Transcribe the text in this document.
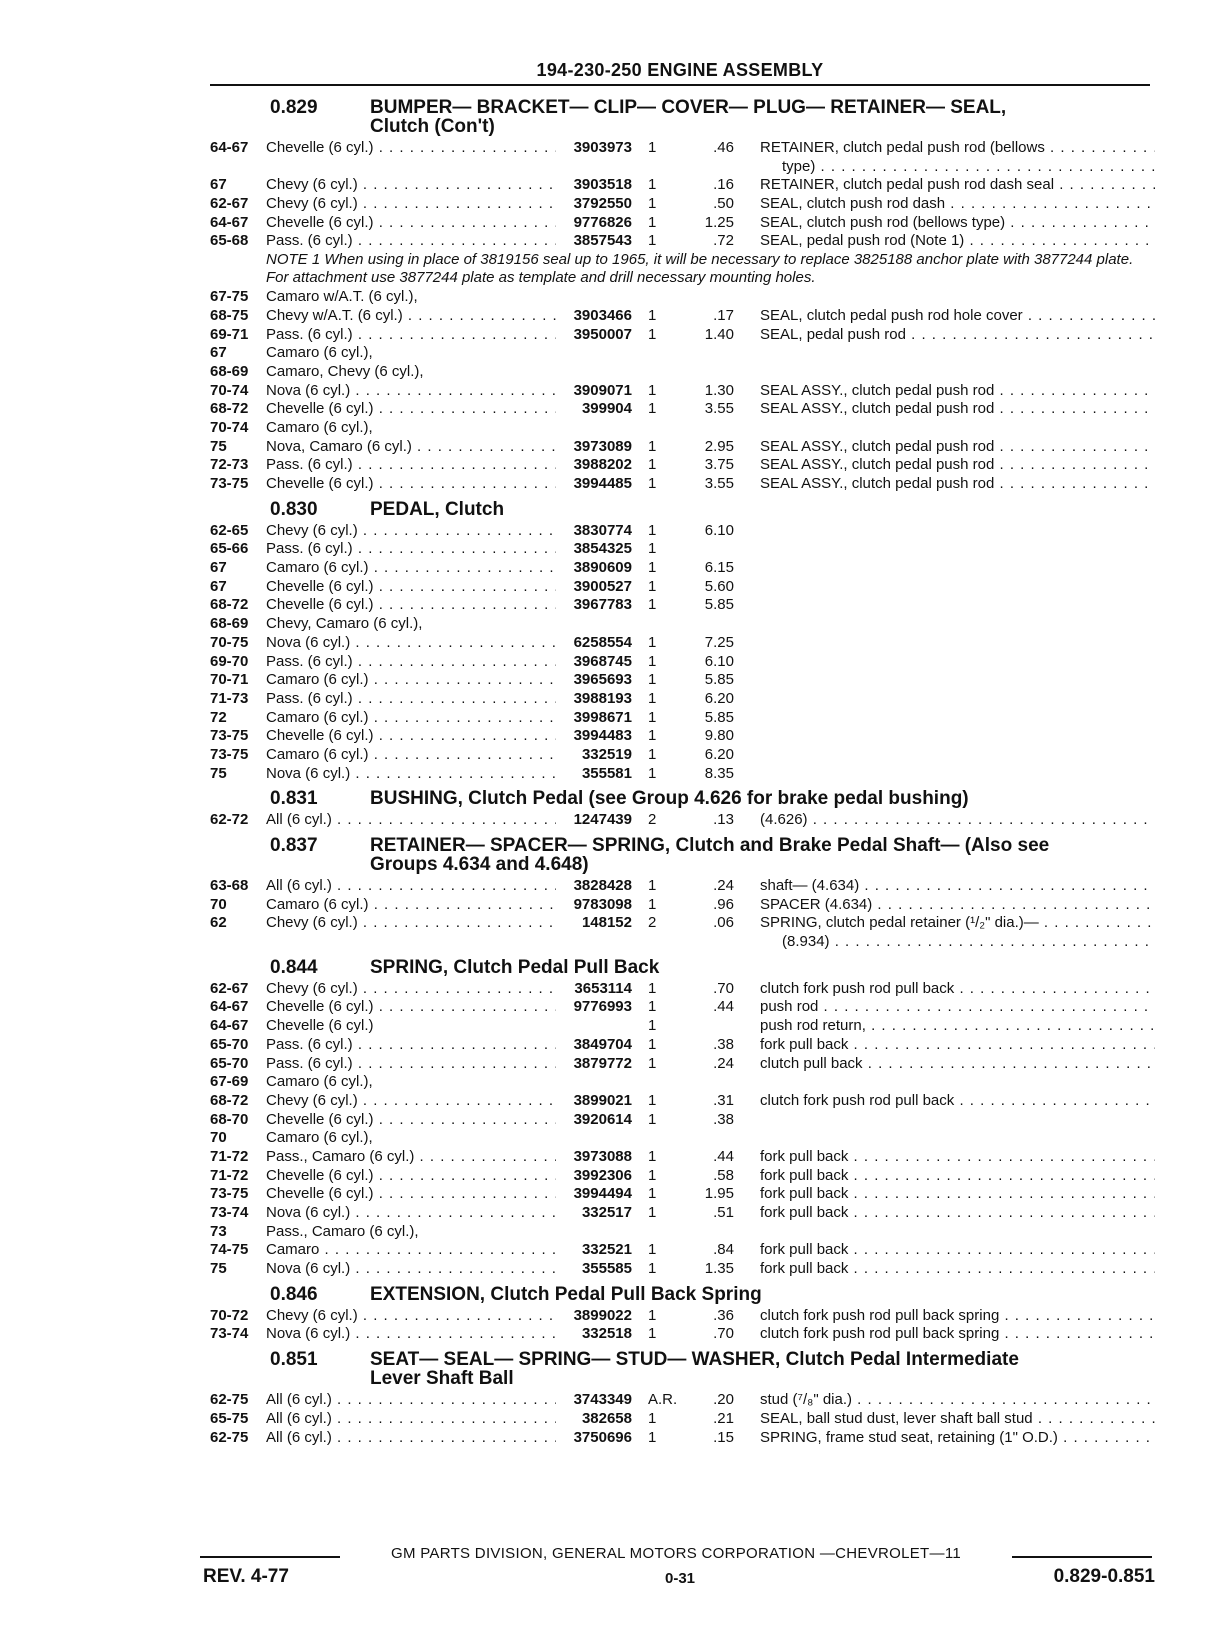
194-230-250 ENGINE ASSEMBLY
0.829	BUMPER— BRACKET— CLIP— COVER— PLUG— RETAINER— SEAL,
Clutch (Con't)
64-67	Chevelle (6 cyl.) . . .	3903973	1	.46	RETAINER, clutch pedal push rod (bellows . . .
type) . . .
67	Chevy (6 cyl.) . . .	3903518	1	.16	RETAINER, clutch pedal push rod dash seal . . .
62-67	Chevy (6 cyl.) . . .	3792550	1	.50	SEAL, clutch push rod dash . . .
64-67	Chevelle (6 cyl.) . . .	9776826	1	1.25	SEAL, clutch push rod (bellows type) . . .
65-68	Pass. (6 cyl.) . . .	3857543	1	.72	SEAL, pedal push rod (Note 1) . . .
NOTE 1 When using in place of 3819156 seal up to 1965, it will be necessary to replace 3825188 anchor plate with 3877244 plate. For attachment use 3877244 plate as template and drill necessary mounting holes.
67-75	Camaro w/A.T. (6 cyl.),
68-75	Chevy w/A.T. (6 cyl.) . . .	3903466	1	.17	SEAL, clutch pedal push rod hole cover . . .
69-71	Pass. (6 cyl.) . . .	3950007	1	1.40	SEAL, pedal push rod . . .
67	Camaro (6 cyl.),
68-69	Camaro, Chevy (6 cyl.),
70-74	Nova (6 cyl.) . . .	3909071	1	1.30	SEAL ASSY., clutch pedal push rod . . .
68-72	Chevelle (6 cyl.) . . .	399904	1	3.55	SEAL ASSY., clutch pedal push rod . . .
70-74	Camaro (6 cyl.),
75	Nova, Camaro (6 cyl.) . . .	3973089	1	2.95	SEAL ASSY., clutch pedal push rod . . .
72-73	Pass. (6 cyl.) . . .	3988202	1	3.75	SEAL ASSY., clutch pedal push rod . . .
73-75	Chevelle (6 cyl.) . . .	3994485	1	3.55	SEAL ASSY., clutch pedal push rod . . .
0.830	PEDAL, Clutch
62-65	Chevy (6 cyl.) . . .	3830774	1	6.10
65-66	Pass. (6 cyl.) . . .	3854325	1
67	Camaro (6 cyl.) . . .	3890609	1	6.15
67	Chevelle (6 cyl.) . . .	3900527	1	5.60
68-72	Chevelle (6 cyl.) . . .	3967783	1	5.85
68-69	Chevy, Camaro (6 cyl.),
70-75	Nova (6 cyl.) . . .	6258554	1	7.25
69-70	Pass. (6 cyl.) . . .	3968745	1	6.10
70-71	Camaro (6 cyl.) . . .	3965693	1	5.85
71-73	Pass. (6 cyl.) . . .	3988193	1	6.20
72	Camaro (6 cyl.) . . .	3998671	1	5.85
73-75	Chevelle (6 cyl.) . . .	3994483	1	9.80
73-75	Camaro (6 cyl.) . . .	332519	1	6.20
75	Nova (6 cyl.) . . .	355581	1	8.35
0.831	BUSHING, Clutch Pedal (see Group 4.626 for brake pedal bushing)
62-72	All (6 cyl.) . . .	1247439	2	.13	(4.626) . . .
0.837	RETAINER— SPACER— SPRING, Clutch and Brake Pedal Shaft— (Also see
Groups 4.634 and 4.648)
63-68	All (6 cyl.) . . .	3828428	1	.24	shaft— (4.634) . . .
70	Camaro (6 cyl.) . . .	9783098	1	.96	SPACER (4.634) . . .
62	Chevy (6 cyl.) . . .	148152	2	.06	SPRING, clutch pedal retainer (¹/₂" dia.)— . . .
(8.934) . . .
0.844	SPRING, Clutch Pedal Pull Back
62-67	Chevy (6 cyl.) . . .	3653114	1	.70	clutch fork push rod pull back . . .
64-67	Chevelle (6 cyl.) . . .	9776993	1	.44	push rod . . .
64-67	Chevelle (6 cyl.)	1	push rod return, . . .
65-70	Pass. (6 cyl.) . . .	3849704	1	.38	fork pull back . . .
65-70	Pass. (6 cyl.) . . .	3879772	1	.24	clutch pull back . . .
67-69	Camaro (6 cyl.),
68-72	Chevy (6 cyl.) . . .	3899021	1	.31	clutch fork push rod pull back . . .
68-70	Chevelle (6 cyl.) . . .	3920614	1	.38
70	Camaro (6 cyl.),
71-72	Pass., Camaro (6 cyl.) . . .	3973088	1	.44	fork pull back . . .
71-72	Chevelle (6 cyl.) . . .	3992306	1	.58	fork pull back . . .
73-75	Chevelle (6 cyl.) . . .	3994494	1	1.95	fork pull back . . .
73-74	Nova (6 cyl.) . . .	332517	1	.51	fork pull back . . .
73	Pass., Camaro (6 cyl.),
74-75	Camaro . . .	332521	1	.84	fork pull back . . .
75	Nova (6 cyl.) . . .	355585	1	1.35	fork pull back . . .
0.846	EXTENSION, Clutch Pedal Pull Back Spring
70-72	Chevy (6 cyl.) . . .	3899022	1	.36	clutch fork push rod pull back spring . . .
73-74	Nova (6 cyl.) . . .	332518	1	.70	clutch fork push rod pull back spring . . .
0.851	SEAT— SEAL— SPRING— STUD— WASHER, Clutch Pedal Intermediate
Lever Shaft Ball
62-75	All (6 cyl.) . . .	3743349	A.R.	.20	stud (⁷/₈" dia.) . . .
65-75	All (6 cyl.) . . .	382658	1	.21	SEAL, ball stud dust, lever shaft ball stud . . .
62-75	All (6 cyl.) . . .	3750696	1	.15	SPRING, frame stud seat, retaining (1" O.D.) . . .
GM PARTS DIVISION, GENERAL MOTORS CORPORATION —CHEVROLET—11
REV. 4-77	0-31	0.829-0.851
